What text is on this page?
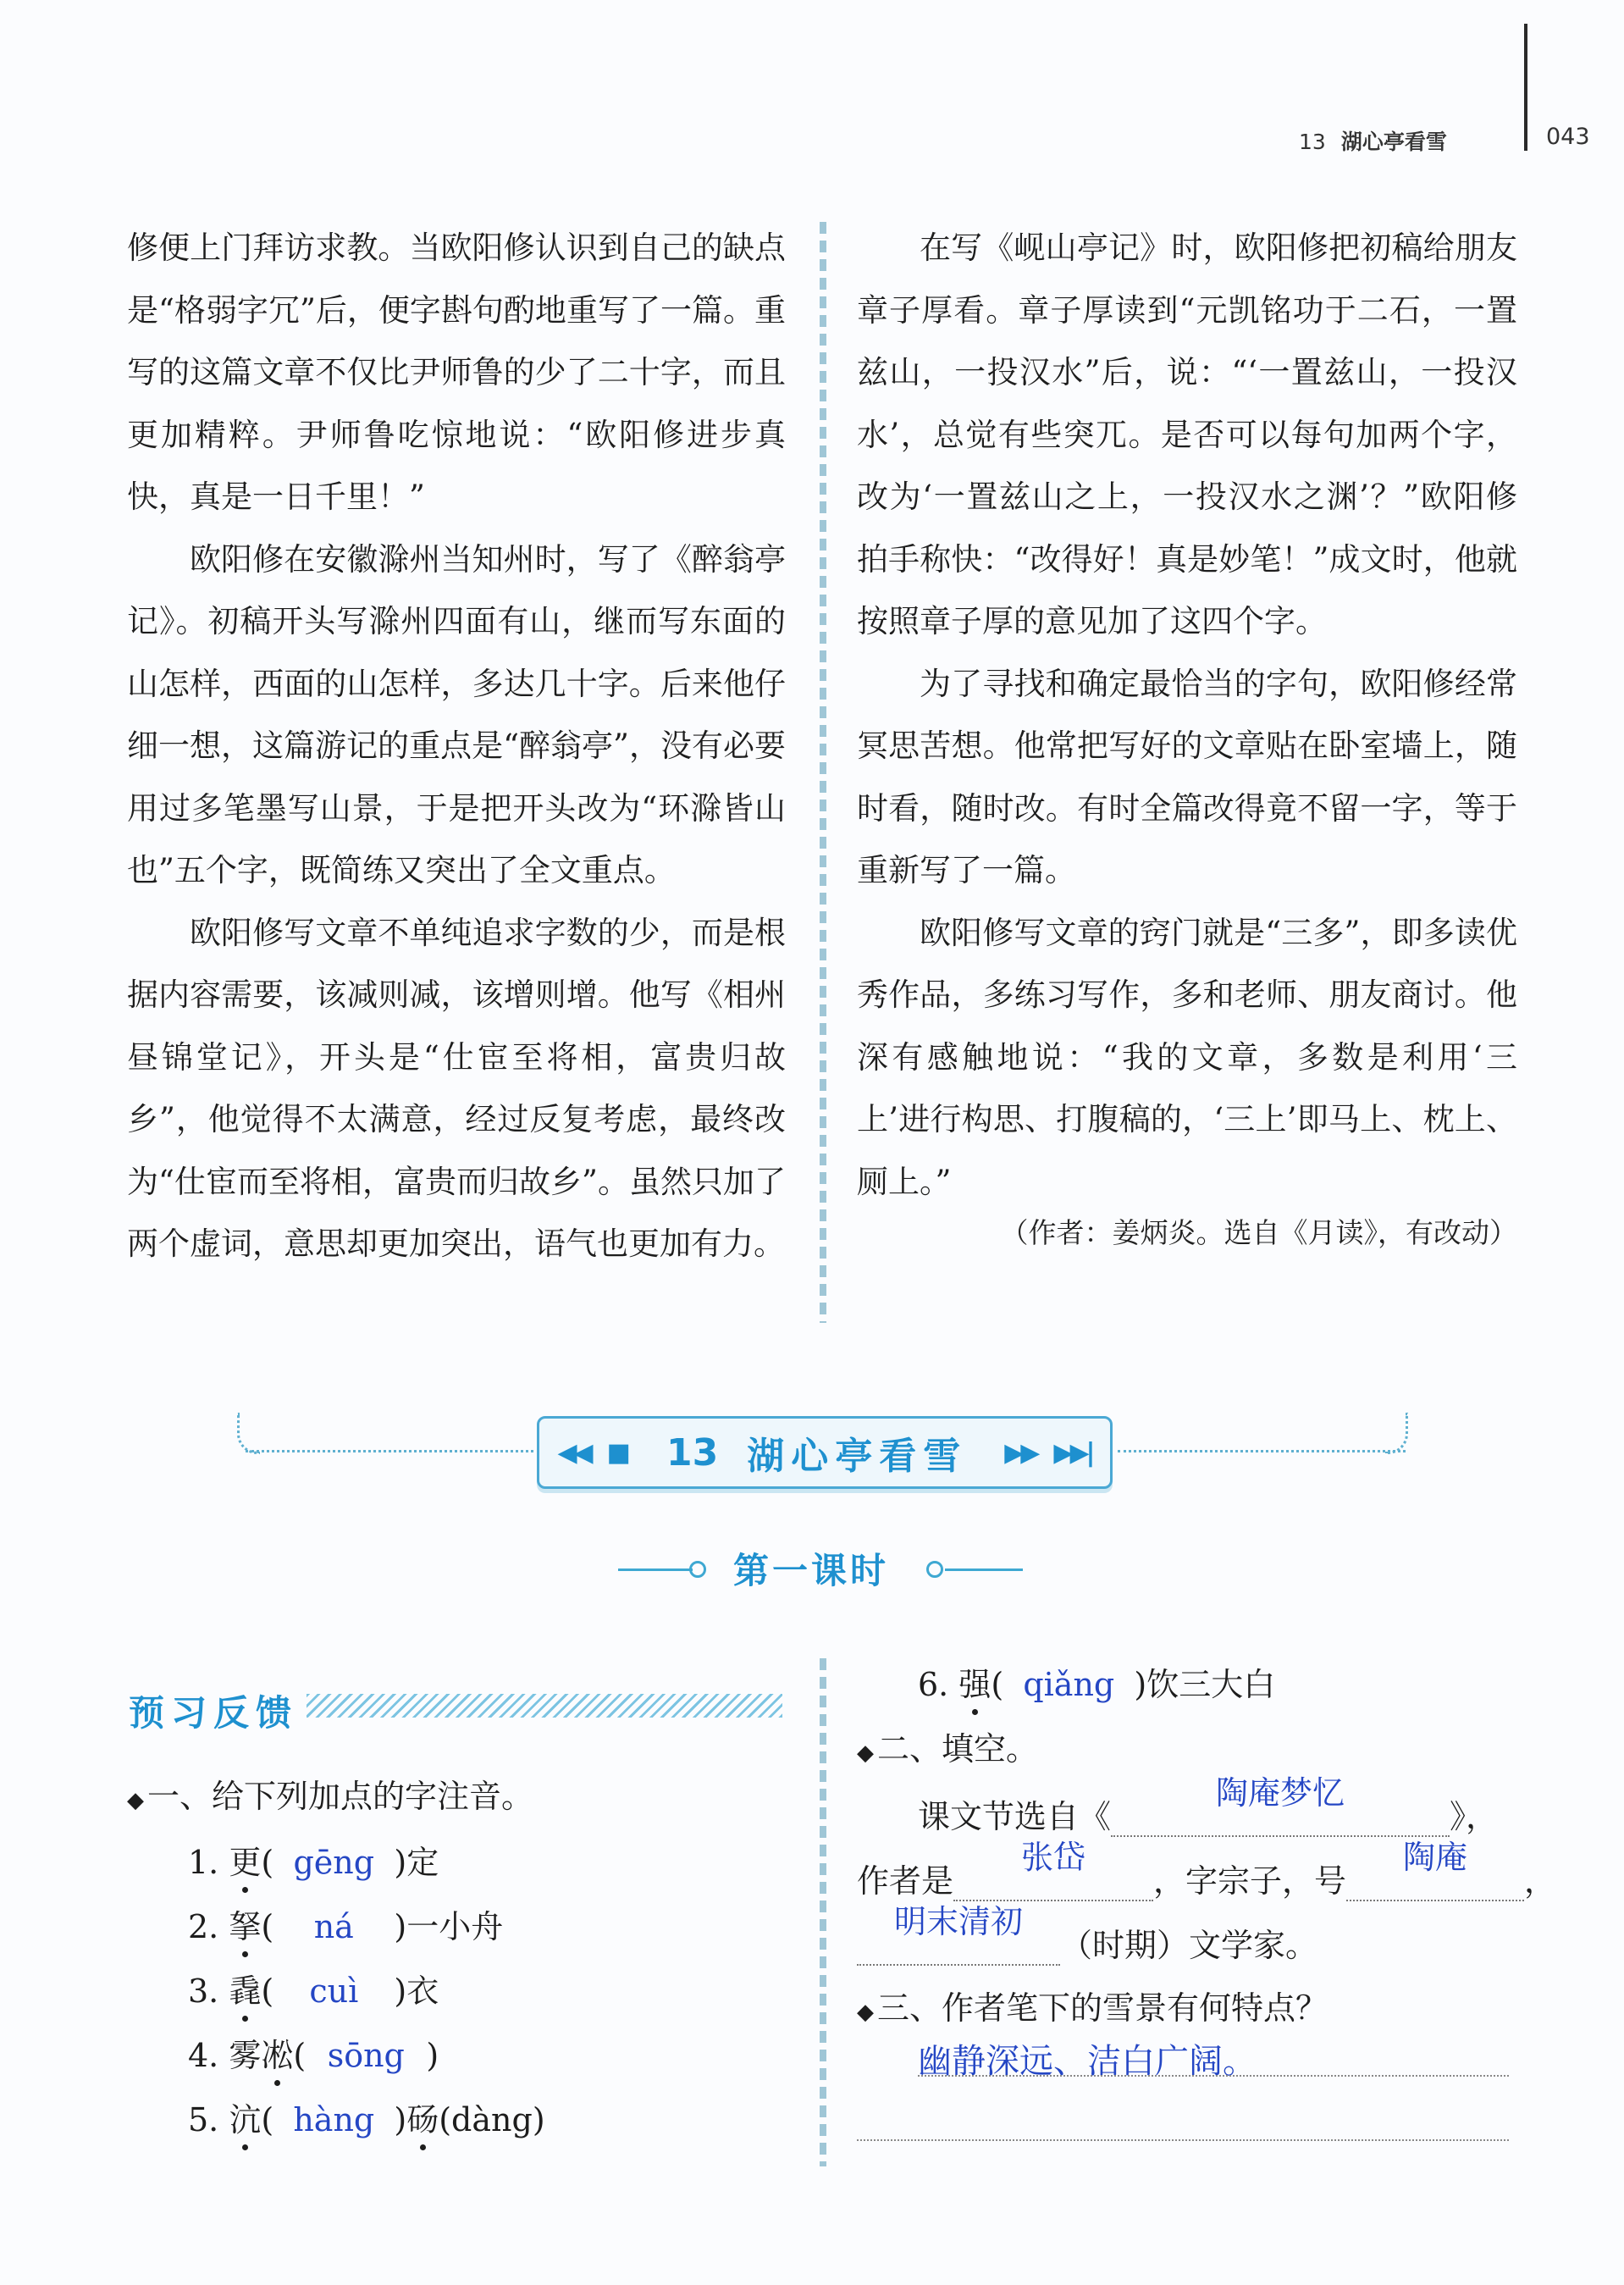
13 湖心亭看雪	043

修便上门拜访求教。当欧阳修认识到自己的缺点是“格弱字冗”后，便字斟句酌地重写了一篇。重写的这篇文章不仅比尹师鲁的少了二十字，而且更加精粹。尹师鲁吃惊地说：“欧阳修进步真快，真是一日千里！”

欧阳修在安徽滁州当知州时，写了《醉翁亭记》。初稿开头写滁州四面有山，继而写东面的山怎样，西面的山怎样，多达几十字。后来他仔细一想，这篇游记的重点是“醉翁亭”，没有必要用过多笔墨写山景，于是把开头改为“环滁皆山也”五个字，既简练又突出了全文重点。

欧阳修写文章不单纯追求字数的少，而是根据内容需要，该减则减，该增则增。他写《相州昼锦堂记》，开头是“仕宦至将相，富贵归故乡”，他觉得不太满意，经过反复考虑，最终改为“仕宦而至将相，富贵而归故乡”。虽然只加了两个虚词，意思却更加突出，语气也更加有力。

在写《岘山亭记》时，欧阳修把初稿给朋友章子厚看。章子厚读到“元凯铭功于二石，一置兹山，一投汉水”后，说：“‘一置兹山，一投汉水’，总觉有些突兀。是否可以每句加两个字，改为‘一置兹山之上，一投汉水之渊’？”欧阳修拍手称快：“改得好！真是妙笔！”成文时，他就按照章子厚的意见加了这四个字。

为了寻找和确定最恰当的字句，欧阳修经常冥思苦想。他常把写好的文章贴在卧室墙上，随时看，随时改。有时全篇改得竟不留一字，等于重新写了一篇。

欧阳修写文章的窍门就是“三多”，即多读优秀作品，多练习写作，多和老师、朋友商讨。他深有感触地说：“我的文章，多数是利用‘三上’进行构思、打腹稿的，‘三上’即马上、枕上、厕上。”

（作者：姜炳炎。选自《月读》，有改动）
◀◀ ■ 13 湖心亭看雪 ▶▶ ▶▶|
第一课时
预习反馈
◆ 一、给下列加点的字注音。
1. 更( gēng )定
2. 拏( ná )一小舟
3. 毳( cuì )衣
4. 雾凇( sōng )
5. 沆( hàng )砀(dàng)
6. 强( qiǎng )饮三大白
◆ 二、填空。
课文节选自《陶庵梦忆》，
作者是张岱，字宗子，号陶庵，
明末清初（时期）文学家。
◆ 三、作者笔下的雪景有何特点？
幽静深远、洁白广阔。
